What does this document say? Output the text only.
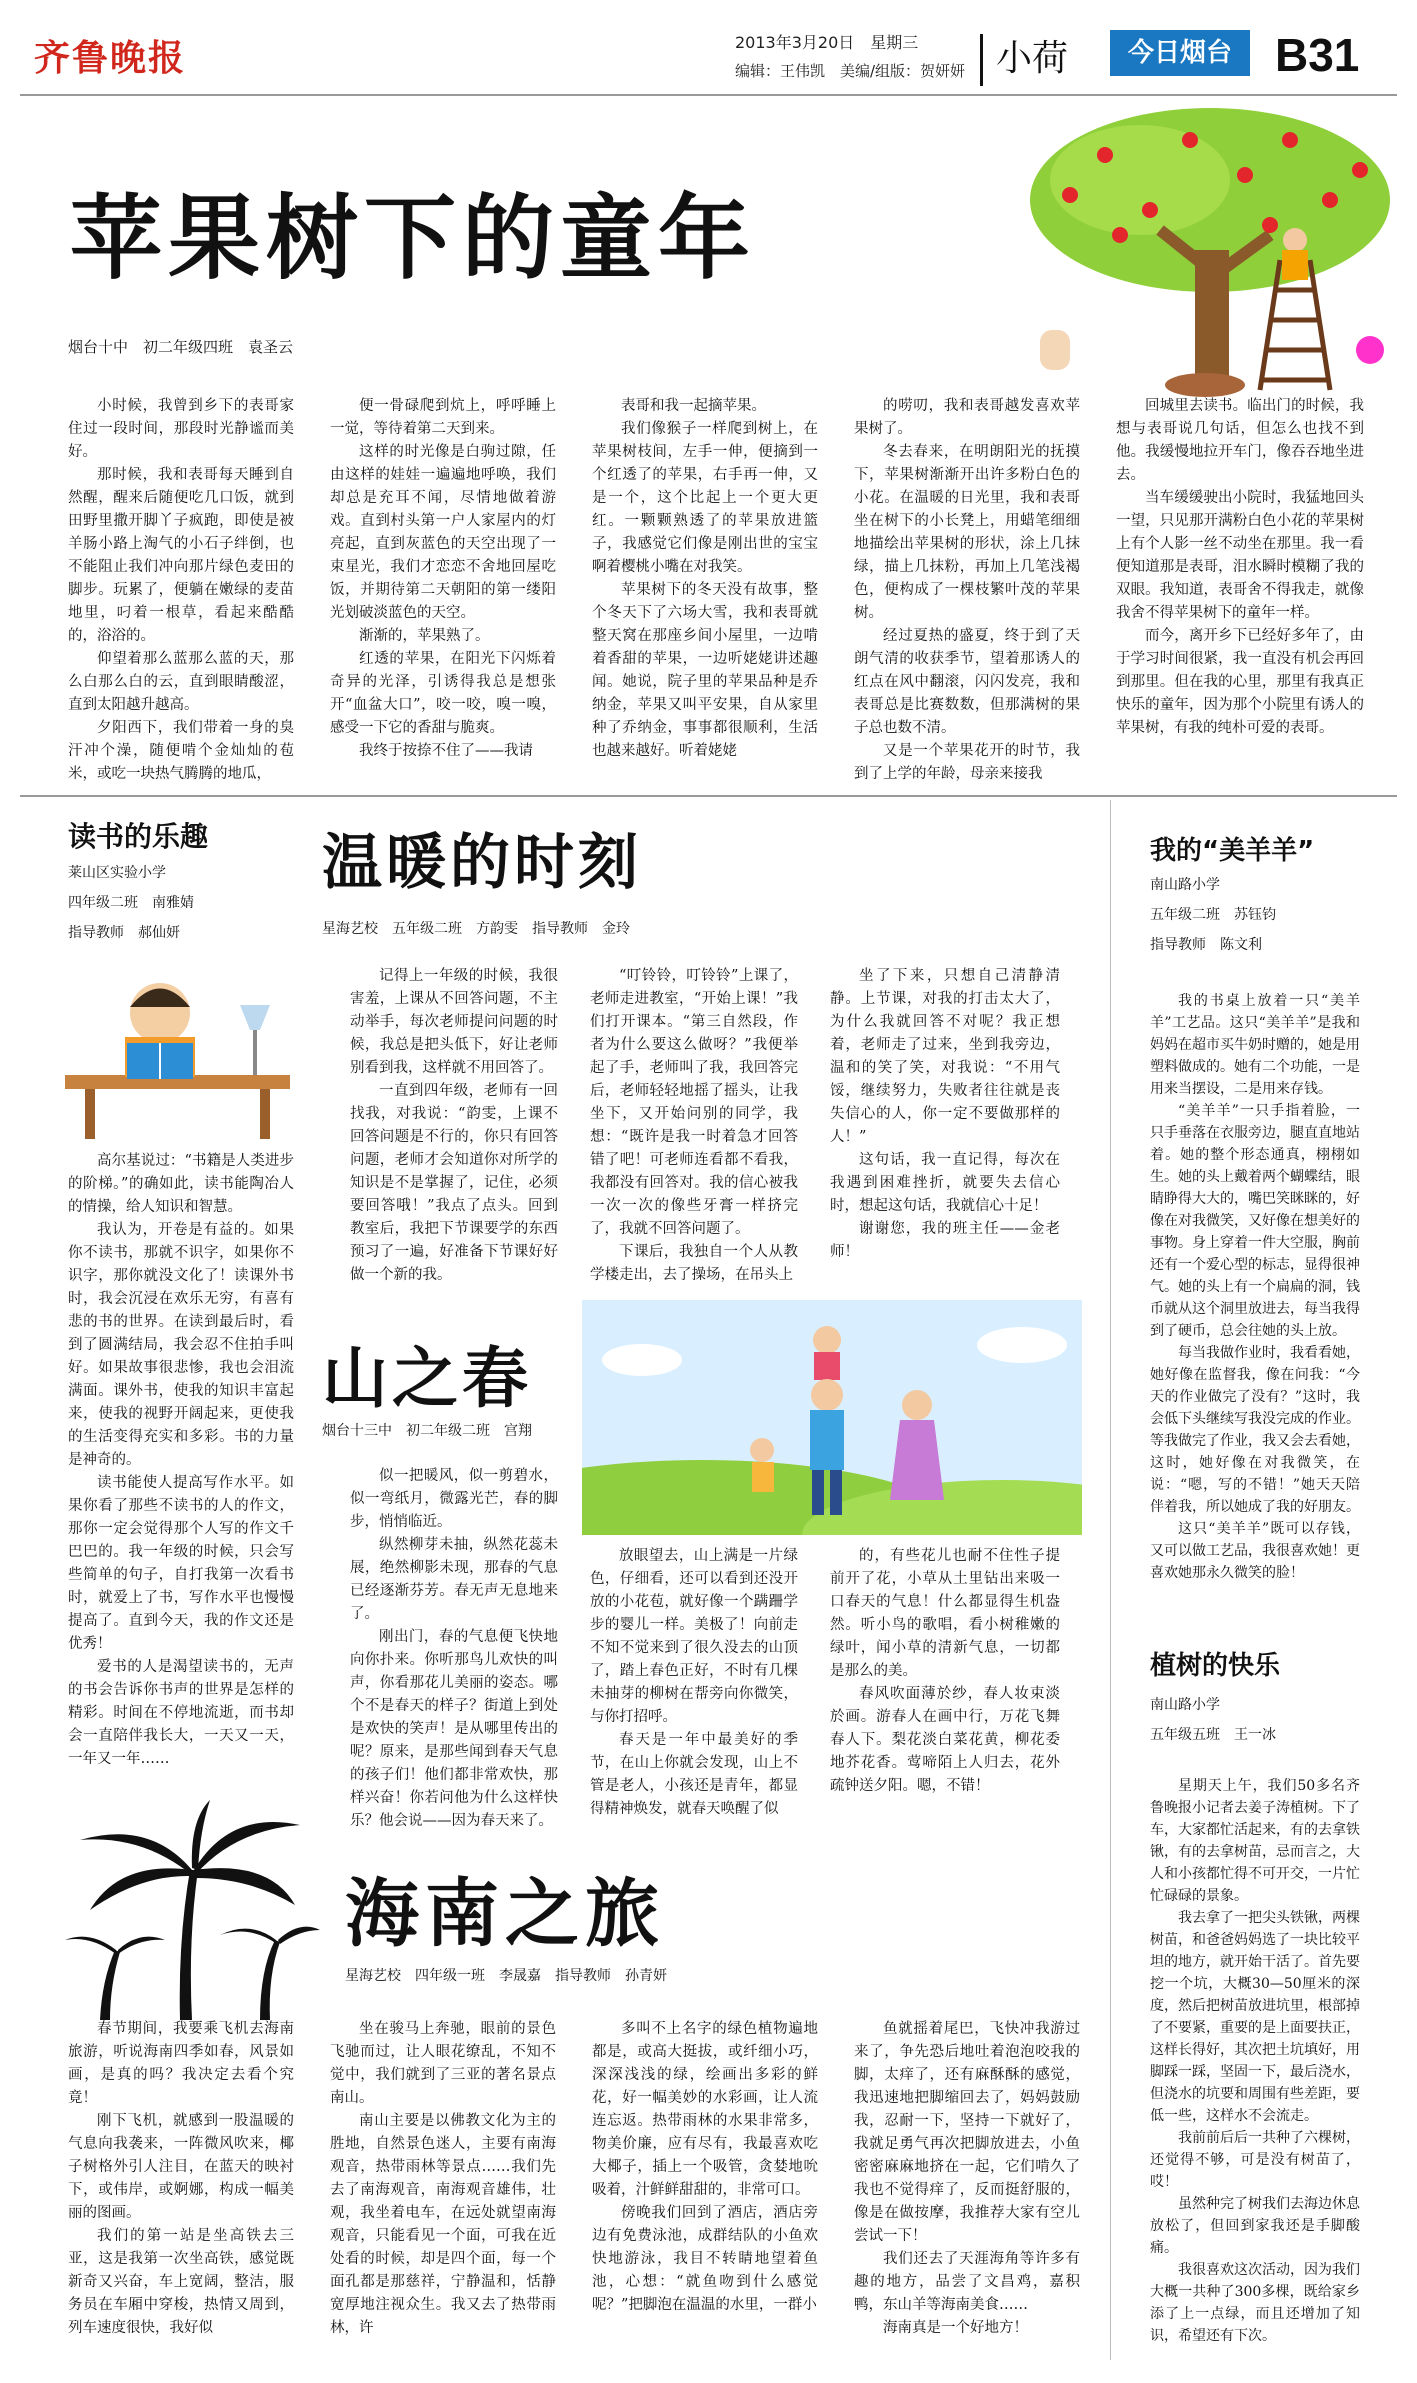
齐鲁晚报	2013年3月20日　星期三
编辑：王伟凯　美编/组版：贺妍妍 小荷	今日烟台 B31
苹果树下的童年
烟台十中　初二年级四班　袁圣云

小时候，我曾到乡下的表哥家住过一段时间，那段时光静谧而美好。

那时候，我和表哥每天睡到自然醒，醒来后随便吃几口饭，就到田野里撒开脚丫子疯跑，即使是被羊肠小路上淘气的小石子绊倒，也不能阻止我们冲向那片绿色麦田的脚步。玩累了，便躺在嫩绿的麦苗地里，叼着一根草，看起来酷酷的，浴浴的。

仰望着那么蓝那么蓝的天，那么白那么白的云，直到眼睛酸涩，直到太阳越升越高。

夕阳西下，我们带着一身的臭汗冲个澡，随便啃个金灿灿的苞米，或吃一块热气腾腾的地瓜，

便一骨碌爬到炕上，呼呼睡上一觉，等待着第二天到来。

这样的时光像是白驹过隙，任由这样的娃娃一遍遍地呼唤，我们却总是充耳不闻，尽情地做着游戏。直到村头第一户人家屋内的灯亮起，直到灰蓝色的天空出现了一束星光，我们才恋恋不舍地回屋吃饭，并期待第二天朝阳的第一缕阳光划破淡蓝色的天空。

渐渐的，苹果熟了。

红透的苹果，在阳光下闪烁着奇异的光泽，引诱得我总是想张开“血盆大口”，咬一咬，嗅一嗅，感受一下它的香甜与脆爽。

我终于按捺不住了——我请

表哥和我一起摘苹果。

我们像猴子一样爬到树上，在苹果树枝间，左手一伸，便摘到一个红透了的苹果，右手再一伸，又是一个，这个比起上一个更大更红。一颗颗熟透了的苹果放进篮子，我感觉它们像是刚出世的宝宝啊着樱桃小嘴在对我笑。

苹果树下的冬天没有故事，整个冬天下了六场大雪，我和表哥就整天窝在那座乡间小屋里，一边啃着香甜的苹果，一边听姥姥讲述趣闻。她说，院子里的苹果品种是乔纳金，苹果又叫平安果，自从家里种了乔纳金，事事都很顺利，生活也越来越好。听着姥姥

的唠叨，我和表哥越发喜欢苹果树了。

冬去春来，在明朗阳光的抚摸下，苹果树渐渐开出许多粉白色的小花。在温暖的日光里，我和表哥坐在树下的小长凳上，用蜡笔细细地描绘出苹果树的形状，涂上几抹绿，描上几抹粉，再加上几笔浅褐色，便构成了一棵枝繁叶茂的苹果树。

经过夏热的盛夏，终于到了天朗气清的收获季节，望着那诱人的红点在风中翻滚，闪闪发亮，我和表哥总是比赛数数，但那满树的果子总也数不清。

又是一个苹果花开的时节，我到了上学的年龄，母亲来接我

回城里去读书。临出门的时候，我想与表哥说几句话，但怎么也找不到他。我缓慢地拉开车门，像吞吞地坐进去。

当车缓缓驶出小院时，我猛地回头一望，只见那开满粉白色小花的苹果树上有个人影一丝不动坐在那里。我一看便知道那是表哥，泪水瞬时模糊了我的双眼。我知道，表哥舍不得我走，就像我舍不得苹果树下的童年一样。

而今，离开乡下已经好多年了，由于学习时间很紧，我一直没有机会再回到那里。但在我的心里，那里有我真正快乐的童年，因为那个小院里有诱人的苹果树，有我的纯朴可爱的表哥。

读书的乐趣
莱山区实验小学
四年级二班　南雅婧
指导教师　郝仙妍

高尔基说过：“书籍是人类进步的阶梯。”的确如此，读书能陶冶人的情操，给人知识和智慧。

我认为，开卷是有益的。如果你不读书，那就不识字，如果你不识字，那你就没文化了！读课外书时，我会沉浸在欢乐无穷，有喜有悲的书的世界。在读到最后时，看到了圆满结局，我会忍不住拍手叫好。如果故事很悲惨，我也会泪流满面。课外书，使我的知识丰富起来，使我的视野开阔起来，更使我的生活变得充实和多彩。书的力量是神奇的。

读书能使人提高写作水平。如果你看了那些不读书的人的作文，那你一定会觉得那个人写的作文千巴巴的。我一年级的时候，只会写些简单的句子，自打我第一次看书时，就爱上了书，写作水平也慢慢提高了。直到今天，我的作文还是优秀！

爱书的人是渴望读书的，无声的书会告诉你书声的世界是怎样的精彩。时间在不停地流逝，而书却会一直陪伴我长大，一天又一天，一年又一年……

温暖的时刻
星海艺校　五年级二班　方韵雯　指导教师　金玲

记得上一年级的时候，我很害羞，上课从不回答问题，不主动举手，每次老师提问问题的时候，我总是把头低下，好让老师别看到我，这样就不用回答了。

一直到四年级，老师有一回找我，对我说：“韵雯，上课不回答问题是不行的，你只有回答问题，老师才会知道你对所学的知识是不是掌握了，记住，必须要回答哦！”我点了点头。回到教室后，我把下节课要学的东西预习了一遍，好准备下节课好好做一个新的我。

“叮铃铃，叮铃铃”上课了，老师走进教室，“开始上课！”我们打开课本。“第三自然段，作者为什么要这么做呀？”我便举起了手，老师叫了我，我回答完后，老师轻轻地摇了摇头，让我坐下，又开始问别的同学，我想：“既许是我一时着急才回答错了吧！可老师连看都不看我，我都没有回答对。我的信心被我一次一次的像些牙膏一样挤完了，我就不回答问题了。

下课后，我独自一个人从教学楼走出，去了操场，在吊头上

坐了下来，只想自己清静清静。上节课，对我的打击太大了，为什么我就回答不对呢？我正想着，老师走了过来，坐到我旁边，温和的笑了笑，对我说：“不用气馁，继续努力，失败者往往就是丧失信心的人，你一定不要做那样的人！”

这句话，我一直记得，每次在我遇到困难挫折，就要失去信心时，想起这句话，我就信心十足！

谢谢您，我的班主任——金老师！

山之春
烟台十三中　初二年级二班　宫翔

似一把暖风，似一剪碧水，似一弯纸月，微露光芒，春的脚步，悄悄临近。

纵然柳芽未抽，纵然花蕊未展，绝然柳影未现，那春的气息已经逐渐芬芳。春无声无息地来了。

刚出门，春的气息便飞快地向你扑来。你听那鸟儿欢快的叫声，你看那花儿美丽的姿态。哪个不是春天的样子？街道上到处是欢快的笑声！是从哪里传出的呢？原来，是那些闻到春天气息的孩子们！他们都非常欢快，那样兴奋！你若问他为什么这样快乐？他会说——因为春天来了。

放眼望去，山上满是一片绿色，仔细看，还可以看到还没开放的小花苞，就好像一个蹒跚学步的婴儿一样。美极了！向前走不知不觉来到了很久没去的山顶了，踏上春色正好，不时有几棵未抽芽的柳树在帮旁向你微笑，与你打招呼。

春天是一年中最美好的季节，在山上你就会发现，山上不管是老人，小孩还是青年，都显得精神焕发，就春天唤醒了似

的，有些花儿也耐不住性子提前开了花，小草从土里钻出来吸一口春天的气息！什么都显得生机盎然。听小鸟的歌唱，看小树稚嫩的绿叶，闻小草的清新气息，一切都是那么的美。

春风吹面薄於纱，春人妆束淡於画。游春人在画中行，万花飞舞春人下。梨花淡白菜花黄，柳花委地芥花香。莺啼陌上人归去，花外疏钟送夕阳。嗯，不错！

我的“美羊羊”
南山路小学
五年级二班　苏钰钧
指导教师　陈文利

我的书桌上放着一只“美羊羊”工艺品。这只“美羊羊”是我和妈妈在超市买牛奶时赠的，她是用塑料做成的。她有二个功能，一是用来当摆设，二是用来存钱。

“美羊羊”一只手指着脸，一只手垂落在衣服旁边，腿直直地站着。她的整个形态通真，栩栩如生。她的头上戴着两个蝴蝶结，眼睛睁得大大的，嘴巴笑眯眯的，好像在对我微笑，又好像在想美好的事物。身上穿着一件大空服，胸前还有一个爱心型的标志，显得很神气。她的头上有一个扁扁的洞，钱币就从这个洞里放进去，每当我得到了硬币，总会往她的头上放。

每当我做作业时，我看看她，她好像在监督我，像在问我：“今天的作业做完了没有？”这时，我会低下头继续写我没完成的作业。等我做完了作业，我又会去看她，这时，她好像在对我微笑，在说：“嗯，写的不错！”她天天陪伴着我，所以她成了我的好朋友。

这只“美羊羊”既可以存钱，又可以做工艺品，我很喜欢她！更喜欢她那永久微笑的脸！

植树的快乐
南山路小学
五年级五班　王一冰

星期天上午，我们50多名齐鲁晚报小记者去姜子涛植树。下了车，大家都忙活起来，有的去拿铁锹，有的去拿树苗，忌而言之，大人和小孩都忙得不可开交，一片忙忙碌碌的景象。

我去拿了一把尖头铁锹，两棵树苗，和爸爸妈妈选了一块比较平坦的地方，就开始干活了。首先要挖一个坑，大概30—50厘米的深度，然后把树苗放进坑里，根部掉了不要紧，重要的是上面要扶正，这样长得好，其次把土坑填好，用脚踩一踩，坚固一下，最后浇水，但浇水的坑要和周围有些差距，要低一些，这样水不会流走。

我前前后后一共种了六棵树，还觉得不够，可是没有树苗了，哎！

虽然种完了树我们去海边休息放松了，但回到家我还是手脚酸痛。

我很喜欢这次活动，因为我们大概一共种了300多棵，既给家乡添了上一点绿，而且还增加了知识，希望还有下次。

海南之旅
星海艺校　四年级一班　李晟嘉　指导教师　孙青妍

春节期间，我要乘飞机去海南旅游，听说海南四季如春，风景如画，是真的吗？我决定去看个究竟！

刚下飞机，就感到一股温暖的气息向我袭来，一阵微风吹来，椰子树格外引人注目，在蓝天的映衬下，或伟岸，或婀娜，构成一幅美丽的图画。

我们的第一站是坐高铁去三亚，这是我第一次坐高铁，感觉既新奇又兴奋，车上宽阔，整洁，服务员在车厢中穿梭，热情又周到，列车速度很快，我好似

坐在骏马上奔驰，眼前的景色飞驰而过，让人眼花缭乱，不知不觉中，我们就到了三亚的著名景点南山。

南山主要是以佛教文化为主的胜地，自然景色迷人，主要有南海观音，热带雨林等景点……我们先去了南海观音，南海观音雄伟，壮观，我坐着电车，在远处就望南海观音，只能看见一个面，可我在近处看的时候，却是四个面，每一个面孔都是那慈祥，宁静温和，恬静宽厚地注视众生。我又去了热带雨林，许

多叫不上名字的绿色植物遍地都是，或高大挺拔，或纤细小巧，深深浅浅的绿，绘画出多彩的鲜花，好一幅美妙的水彩画，让人流连忘返。热带雨林的水果非常多，物美价廉，应有尽有，我最喜欢吃大椰子，插上一个吸管，贪婪地吮吸着，汁鲜鲜甜甜的，非常可口。

傍晚我们回到了酒店，酒店旁边有免费泳池，成群结队的小鱼欢快地游泳，我目不转睛地望着鱼池，心想：“就鱼吻到什么感觉呢？”把脚泡在温温的水里，一群小

鱼就摇着尾巴，飞快冲我游过来了，争先恐后地吐着泡泡咬我的脚，太痒了，还有麻酥酥的感觉，我迅速地把脚缩回去了，妈妈鼓励我，忍耐一下，坚持一下就好了，我就足勇气再次把脚放进去，小鱼密密麻麻地挤在一起，它们啃久了我也不觉得痒了，反而挺舒服的，像是在做按摩，我推荐大家有空儿尝试一下！

我们还去了天涯海角等许多有趣的地方，品尝了文昌鸡，嘉积鸭，东山羊等海南美食……

海南真是一个好地方！
